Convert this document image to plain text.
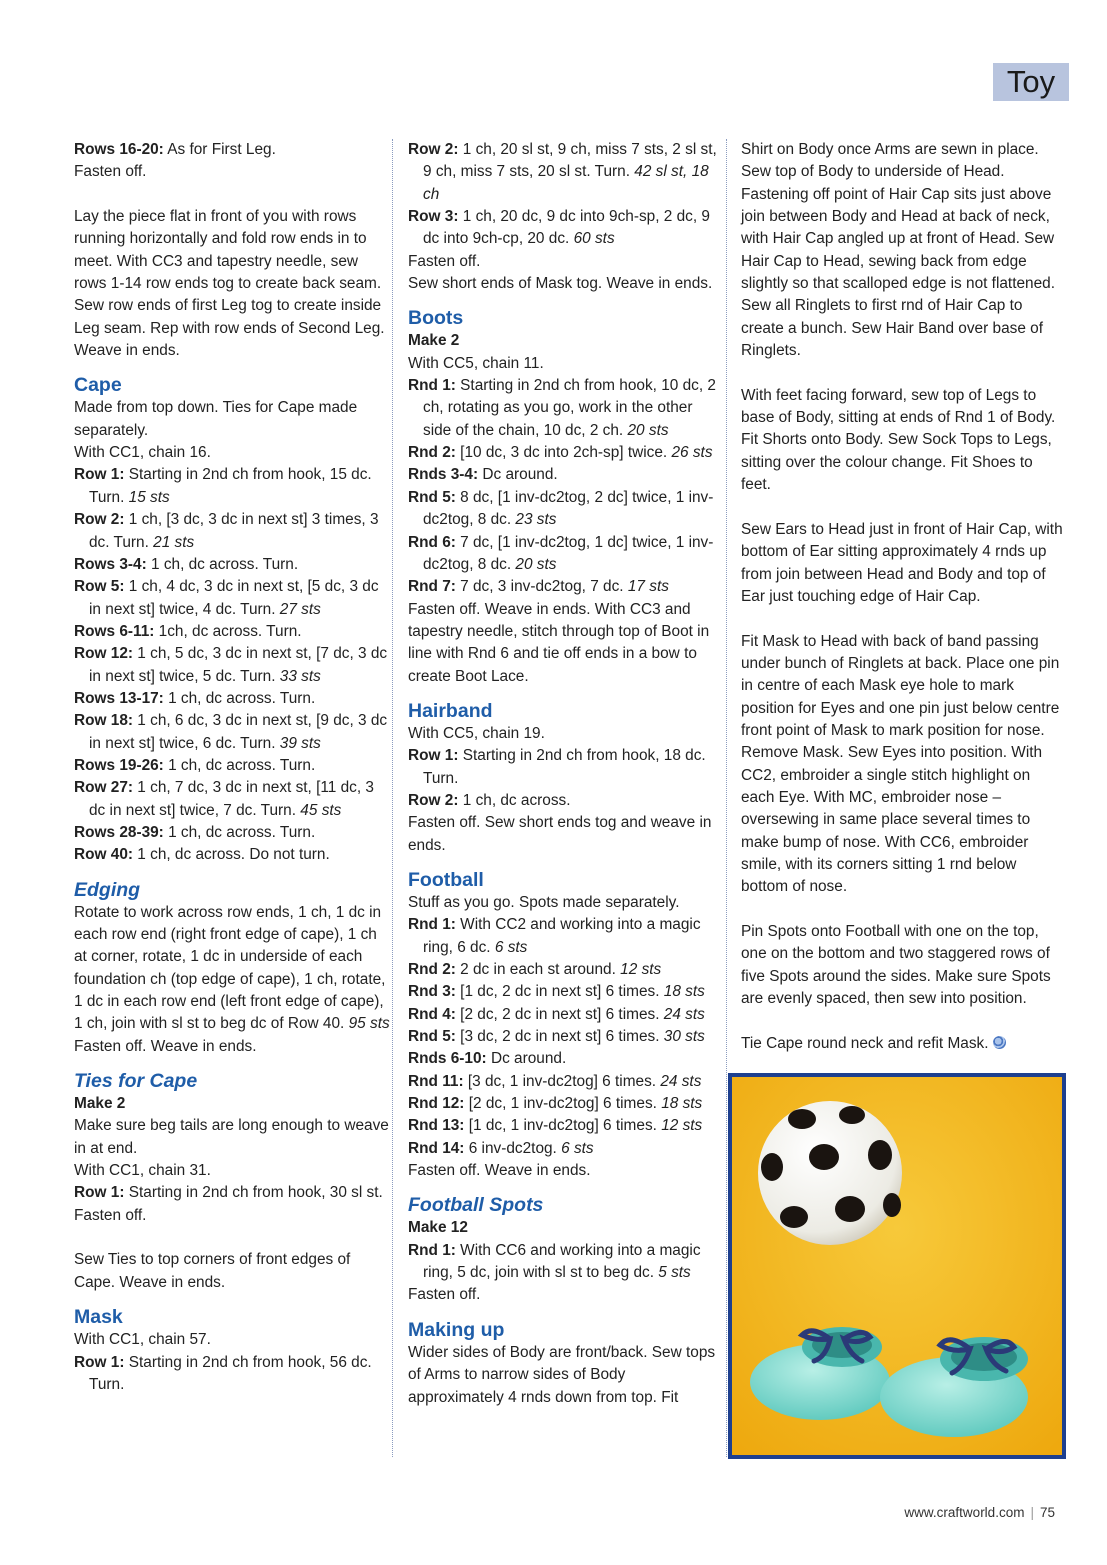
Toy

Rows 16-20: As for First Leg.

Fasten off.

Lay the piece flat in front of you with rows running horizontally and fold row ends in to meet. With CC3 and tapestry needle, sew rows 1-14 row ends tog to create back seam. Sew row ends of first Leg tog to create inside Leg seam. Rep with row ends of Second Leg. Weave in ends.

Cape

Made from top down. Ties for Cape made separately.

With CC1, chain 16.

Row 1: Starting in 2nd ch from hook, 15 dc. Turn. 15 sts

Row 2: 1 ch, [3 dc, 3 dc in next st] 3 times, 3 dc. Turn. 21 sts

Rows 3-4: 1 ch, dc across. Turn.

Row 5: 1 ch, 4 dc, 3 dc in next st, [5 dc, 3 dc in next st] twice, 4 dc. Turn. 27 sts

Rows 6-11: 1ch, dc across. Turn.

Row 12: 1 ch, 5 dc, 3 dc in next st, [7 dc, 3 dc in next st] twice, 5 dc. Turn. 33 sts

Rows 13-17: 1 ch, dc across. Turn.

Row 18: 1 ch, 6 dc, 3 dc in next st, [9 dc, 3 dc in next st] twice, 6 dc. Turn. 39 sts

Rows 19-26: 1 ch, dc across. Turn.

Row 27: 1 ch, 7 dc, 3 dc in next st, [11 dc, 3 dc in next st] twice, 7 dc. Turn. 45 sts

Rows 28-39: 1 ch, dc across. Turn.

Row 40: 1 ch, dc across. Do not turn.

Edging

Rotate to work across row ends, 1 ch, 1 dc in each row end (right front edge of cape), 1 ch at corner, rotate, 1 dc in underside of each foundation ch (top edge of cape), 1 ch, rotate, 1 dc in each row end (left front edge of cape), 1 ch, join with sl st to beg dc of Row 40. 95 sts

Fasten off. Weave in ends.

Ties for Cape

Make 2

Make sure beg tails are long enough to weave in at end.

With CC1, chain 31.

Row 1: Starting in 2nd ch from hook, 30 sl st.

Fasten off.

Sew Ties to top corners of front edges of Cape. Weave in ends.

Mask

With CC1, chain 57.

Row 1: Starting in 2nd ch from hook, 56 dc. Turn.

Row 2: 1 ch, 20 sl st, 9 ch, miss 7 sts, 2 sl st, 9 ch, miss 7 sts, 20 sl st. Turn. 42 sl st, 18 ch

Row 3: 1 ch, 20 dc, 9 dc into 9ch-sp, 2 dc, 9 dc into 9ch-cp, 20 dc. 60 sts

Fasten off.

Sew short ends of Mask tog. Weave in ends.

Boots

Make 2

With CC5, chain 11.

Rnd 1: Starting in 2nd ch from hook, 10 dc, 2 ch, rotating as you go, work in the other side of the chain, 10 dc, 2 ch. 20 sts

Rnd 2: [10 dc, 3 dc into 2ch-sp] twice. 26 sts

Rnds 3-4: Dc around.

Rnd 5: 8 dc, [1 inv-dc2tog, 2 dc] twice, 1 inv-dc2tog, 8 dc. 23 sts

Rnd 6: 7 dc, [1 inv-dc2tog, 1 dc] twice, 1 inv-dc2tog, 8 dc. 20 sts

Rnd 7: 7 dc, 3 inv-dc2tog, 7 dc. 17 sts

Fasten off. Weave in ends. With CC3 and tapestry needle, stitch through top of Boot in line with Rnd 6 and tie off ends in a bow to create Boot Lace.

Hairband

With CC5, chain 19.

Row 1: Starting in 2nd ch from hook, 18 dc. Turn.

Row 2: 1 ch, dc across.

Fasten off. Sew short ends tog and weave in ends.

Football

Stuff as you go. Spots made separately.

Rnd 1: With CC2 and working into a magic ring, 6 dc. 6 sts

Rnd 2: 2 dc in each st around. 12 sts

Rnd 3: [1 dc, 2 dc in next st] 6 times. 18 sts

Rnd 4: [2 dc, 2 dc in next st] 6 times. 24 sts

Rnd 5: [3 dc, 2 dc in next st] 6 times. 30 sts

Rnds 6-10: Dc around.

Rnd 11: [3 dc, 1 inv-dc2tog] 6 times. 24 sts

Rnd 12: [2 dc, 1 inv-dc2tog] 6 times. 18 sts

Rnd 13: [1 dc, 1 inv-dc2tog] 6 times. 12 sts

Rnd 14: 6 inv-dc2tog. 6 sts

Fasten off. Weave in ends.

Football Spots

Make 12

Rnd 1: With CC6 and working into a magic ring, 5 dc, join with sl st to beg dc. 5 sts

Fasten off.

Making up

Wider sides of Body are front/back. Sew tops of Arms to narrow sides of Body approximately 4 rnds down from top. Fit

Shirt on Body once Arms are sewn in place. Sew top of Body to underside of Head. Fastening off point of Hair Cap sits just above join between Body and Head at back of neck, with Hair Cap angled up at front of Head. Sew Hair Cap to Head, sewing back from edge slightly so that scalloped edge is not flattened. Sew all Ringlets to first rnd of Hair Cap to create a bunch. Sew Hair Band over base of Ringlets.

With feet facing forward, sew top of Legs to base of Body, sitting at ends of Rnd 1 of Body. Fit Shorts onto Body. Sew Sock Tops to Legs, sitting over the colour change. Fit Shoes to feet.

Sew Ears to Head just in front of Hair Cap, with bottom of Ear sitting approximately 4 rnds up from join between Head and Body and top of Ear just touching edge of Hair Cap.

Fit Mask to Head with back of band passing under bunch of Ringlets at back. Place one pin in centre of each Mask eye hole to mark position for Eyes and one pin just below centre front point of Mask to mark position for nose. Remove Mask. Sew Eyes into position. With CC2, embroider a single stitch highlight on each Eye. With MC, embroider nose – oversewing in same place several times to make bump of nose. With CC6, embroider smile, with its corners sitting 1 rnd below bottom of nose.

Pin Spots onto Football with one on the top, one on the bottom and two staggered rows of five Spots around the sides. Make sure Spots are evenly spaced, then sew into position.

Tie Cape round neck and refit Mask.

www.craftworld.com | 75
